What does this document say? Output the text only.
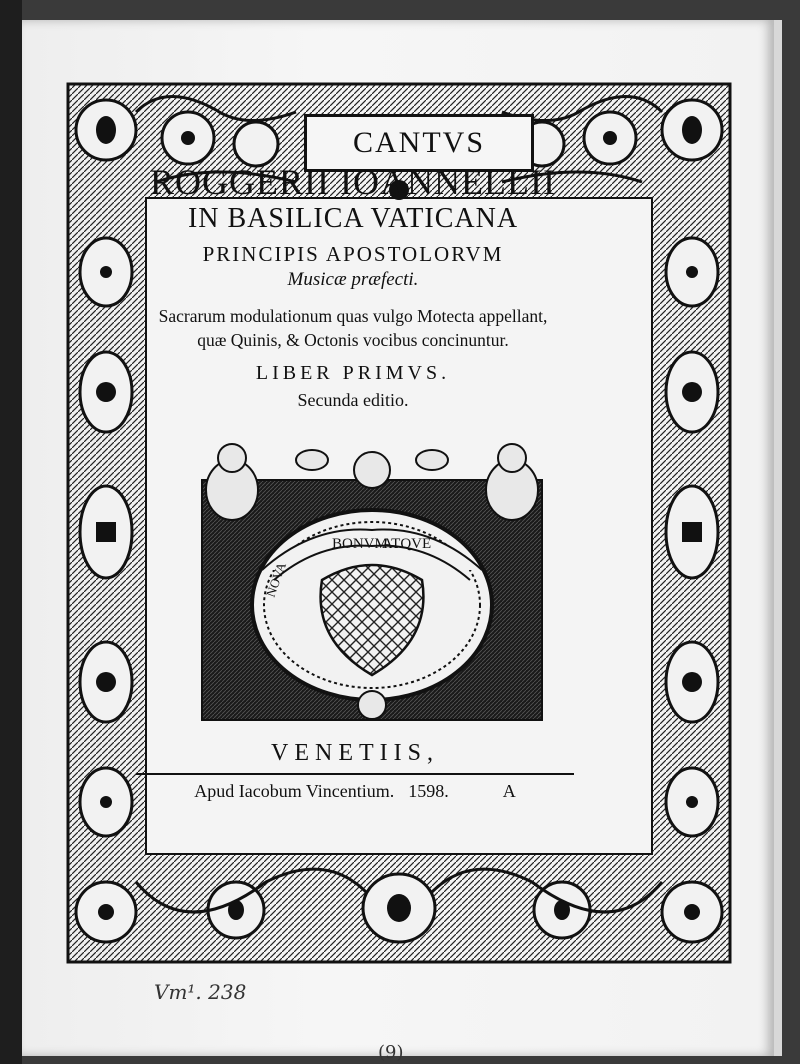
CANTVS
ROGGERII IOANNELLII
IN BASILICA VATICANA
PRINCIPIS APOSTOLORVM
Musicæ præfecti.
Sacrarum modulationum quas vulgo Motecta appellant,
quæ Quinis, & Octonis vocibus concinuntur.
LIBER PRIMVS.
Secunda editio.
BONVM
ATQVE
NOVA
VENETIIS,
Apud Iacobum Vincentium. 1598.	A
Vm¹. 238
(9)
